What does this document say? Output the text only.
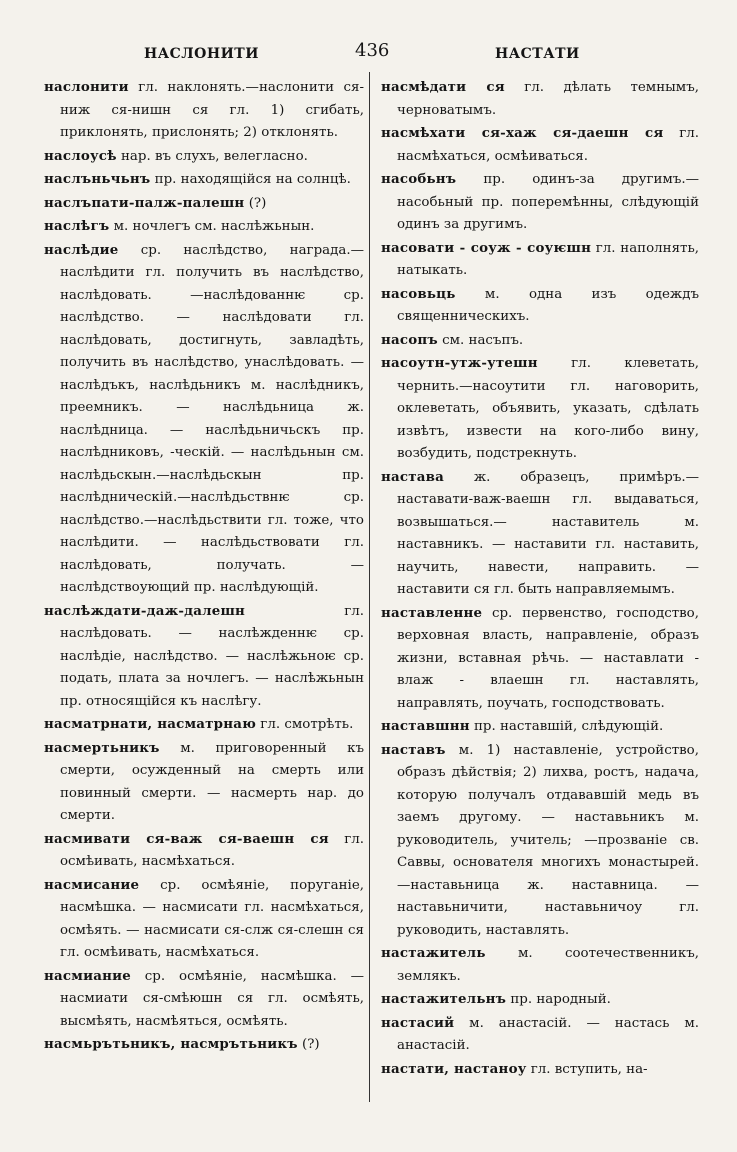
НАСЛОНИТИ	436	НАСТАТИ

наслонити гл. наклонять.—наслонити ся-ниж ся-нишн ся гл. 1) сгибать, приклонять, прислонять; 2) отклонять.

наслоусѣ нар. въ слухъ, велегласно.

наслъньчьнъ пр. находящійся на солнцѣ.

наслъпати-палж-палешн (?)

наслѣгъ м. ночлегъ см. наслѣжьнын.

наслѣдие ср. наслѣдство, награда.— наслѣдити гл. получить въ наслѣдство, наслѣдовать. —наслѣдованнѥ ср. наслѣдство. — наслѣдовати гл. наслѣдовать, достигнуть, завладѣть, получить въ наслѣдство, унаслѣдовать. — наслѣдъкъ, наслѣдьникъ м. наслѣдникъ, преемникъ. — наслѣдьница ж. наслѣдница. — наслѣдьничьскъ пр. наслѣдниковъ, -ческій. — наслѣдьнын см. наслѣдьскын.—наслѣдьскын пр. наслѣдническій.—наслѣдьствнѥ ср. наслѣдство.—наслѣдьствити гл. тоже, что наслѣдити. — наслѣдьствовати гл. наслѣдовать, получать. — наслѣдствоующий пр. наслѣдующій.

наслѣждати-даж-далешн гл. наслѣдовать. — наслѣжденнѥ ср. наслѣдіе, наслѣдство. — наслѣжьноѥ ср. подать, плата за ночлегъ. — наслѣжьнын пр. относящійся къ наслѣгу.

насматрнати, насматрнаю гл. смотрѣть.

насмертьникъ м. приговоренный къ смерти, осужденный на смерть или повинный смерти. — насмерть нар. до смерти.

насмивати ся-важ ся-ваешн ся гл. осмѣивать, насмѣхаться.

насмисание ср. осмѣяніе, поруганіе, насмѣшка. — насмисати гл. насмѣхаться, осмѣять. — насмисати ся-слж ся-слешн ся гл. осмѣивать, насмѣхаться.

насмиание ср. осмѣяніе, насмѣшка. — насмиати ся-смѣюшн ся гл. осмѣять, высмѣять, насмѣяться, осмѣять.

насмьрътьникъ, насмрътьникъ (?)

насмѣдати ся гл. дѣлать темнымъ, черноватымъ.

насмѣхати ся-хаж ся-даешн ся гл. насмѣхаться, осмѣиваться.

насобьнъ пр. одинъ-за другимъ.—насобьный пр. поперемѣнны, слѣдующій одинъ за другимъ.

насовати - соуж - соуѥшн гл. наполнять, натыкать.

насовьць м. одна изъ одеждъ священническихъ.

насопъ см. насъпъ.

насоутн-утж-утешн гл. клеветать, чернить.—насоутити гл. наговорить, оклеветать, объявить, указать, сдѣлать извѣтъ, извести на кого-либо вину, возбудить, подстрекнуть.

настава ж. образецъ, примѣръ.— наставати-важ-ваешн гл. выдаваться, возвышаться.— наставитель м. наставникъ. — наставити гл. наставить, научить, навести, направить. — наставити ся гл. быть направляемымъ.

наставленне ср. первенство, господство, верховная власть, направленіе, образъ жизни, вставная рѣчь. — наставлати - влаж - влаешн гл. наставлять, направлять, поучать, господствовать.

наставшнн пр. наставшій, слѣдующій.

наставъ м. 1) наставленіе, устройство, образъ дѣйствія; 2) лихва, ростъ, надача, которую получалъ отдававшій медь въ заемъ другому. — наставьникъ м. руководитель, учитель; —прозваніе св. Саввы, основателя многихъ монастырей.—наставьница ж. наставница. — наставьничити, наставьничоу гл. руководить, наставлять.

настажитель м. соотечественникъ, землякъ.

настажительнъ пр. народный.

настасий м. анастасій. — настась м. анастасій.

настати, настаноу гл. вступить, на-
